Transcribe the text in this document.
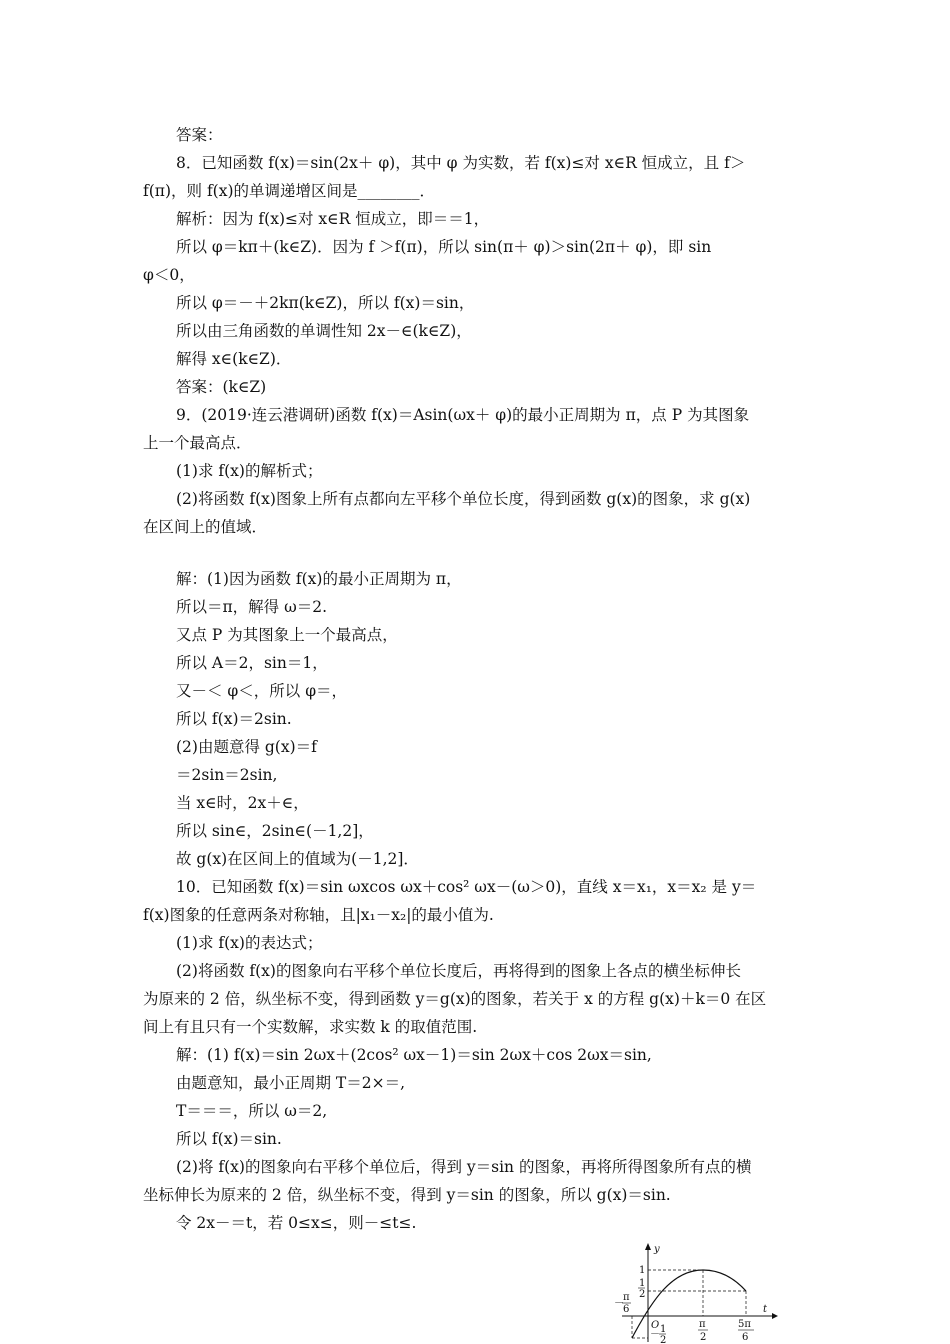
答案：
8．已知函数 f(x)＝sin(2x＋ φ)，其中 φ 为实数，若 f(x)≤对 x∈R 恒成立，且 f＞
f(π)，则 f(x)的单调递增区间是________．
解析：因为 f(x)≤对 x∈R 恒成立，即＝＝1，
所以 φ＝kπ＋(k∈Z)．因为 f ＞f(π)，所以 sin(π＋ φ)＞sin(2π＋ φ)，即 sin
φ＜0，
所以 φ＝－＋2kπ(k∈Z)，所以 f(x)＝sin，
所以由三角函数的单调性知 2x－∈(k∈Z)，
解得 x∈(k∈Z)．
答案：(k∈Z)
9．(2019·连云港调研)函数 f(x)＝Asin(ωx＋ φ)的最小正周期为 π，点 P 为其图象
上一个最高点．
(1)求 f(x)的解析式；
(2)将函数 f(x)图象上所有点都向左平移个单位长度，得到函数 g(x)的图象，求 g(x)
在区间上的值域．
解：(1)因为函数 f(x)的最小正周期为 π，
所以＝π，解得 ω＝2.
又点 P 为其图象上一个最高点，
所以 A＝2，sin＝1，
又－＜ φ＜，所以 φ＝，
所以 f(x)＝2sin.
(2)由题意得 g(x)＝f
＝2sin＝2sin,
当 x∈时，2x＋∈，
所以 sin∈，2sin∈(－1,2]，
故 g(x)在区间上的值域为(－1,2]．
10．已知函数 f(x)＝sin ωxcos ωx＋cos² ωx－(ω＞0)，直线 x＝x₁，x＝x₂ 是 y＝
f(x)图象的任意两条对称轴，且|x₁－x₂|的最小值为.
(1)求 f(x)的表达式；
(2)将函数 f(x)的图象向右平移个单位长度后，再将得到的图象上各点的横坐标伸长
为原来的 2 倍，纵坐标不变，得到函数 y＝g(x)的图象，若关于 x 的方程 g(x)＋k＝0 在区
间上有且只有一个实数解，求实数 k 的取值范围.
解：(1) f(x)＝sin 2ωx＋(2cos² ωx－1)＝sin 2ωx＋cos 2ωx＝sin,
由题意知，最小正周期 T＝2×＝,
T＝＝＝，所以 ω＝2,
所以 f(x)＝sin.
(2)将 f(x)的图象向右平移个单位后，得到 y＝sin 的图象，再将所得图象所有点的横
坐标伸长为原来的 2 倍，纵坐标不变，得到 y＝sin 的图象，所以 g(x)＝sin.
令 2x－＝t，若 0≤x≤，则－≤t≤.
y
t
O
1
1
2
－
π
6
π
2
5π
6
－ 1
2
